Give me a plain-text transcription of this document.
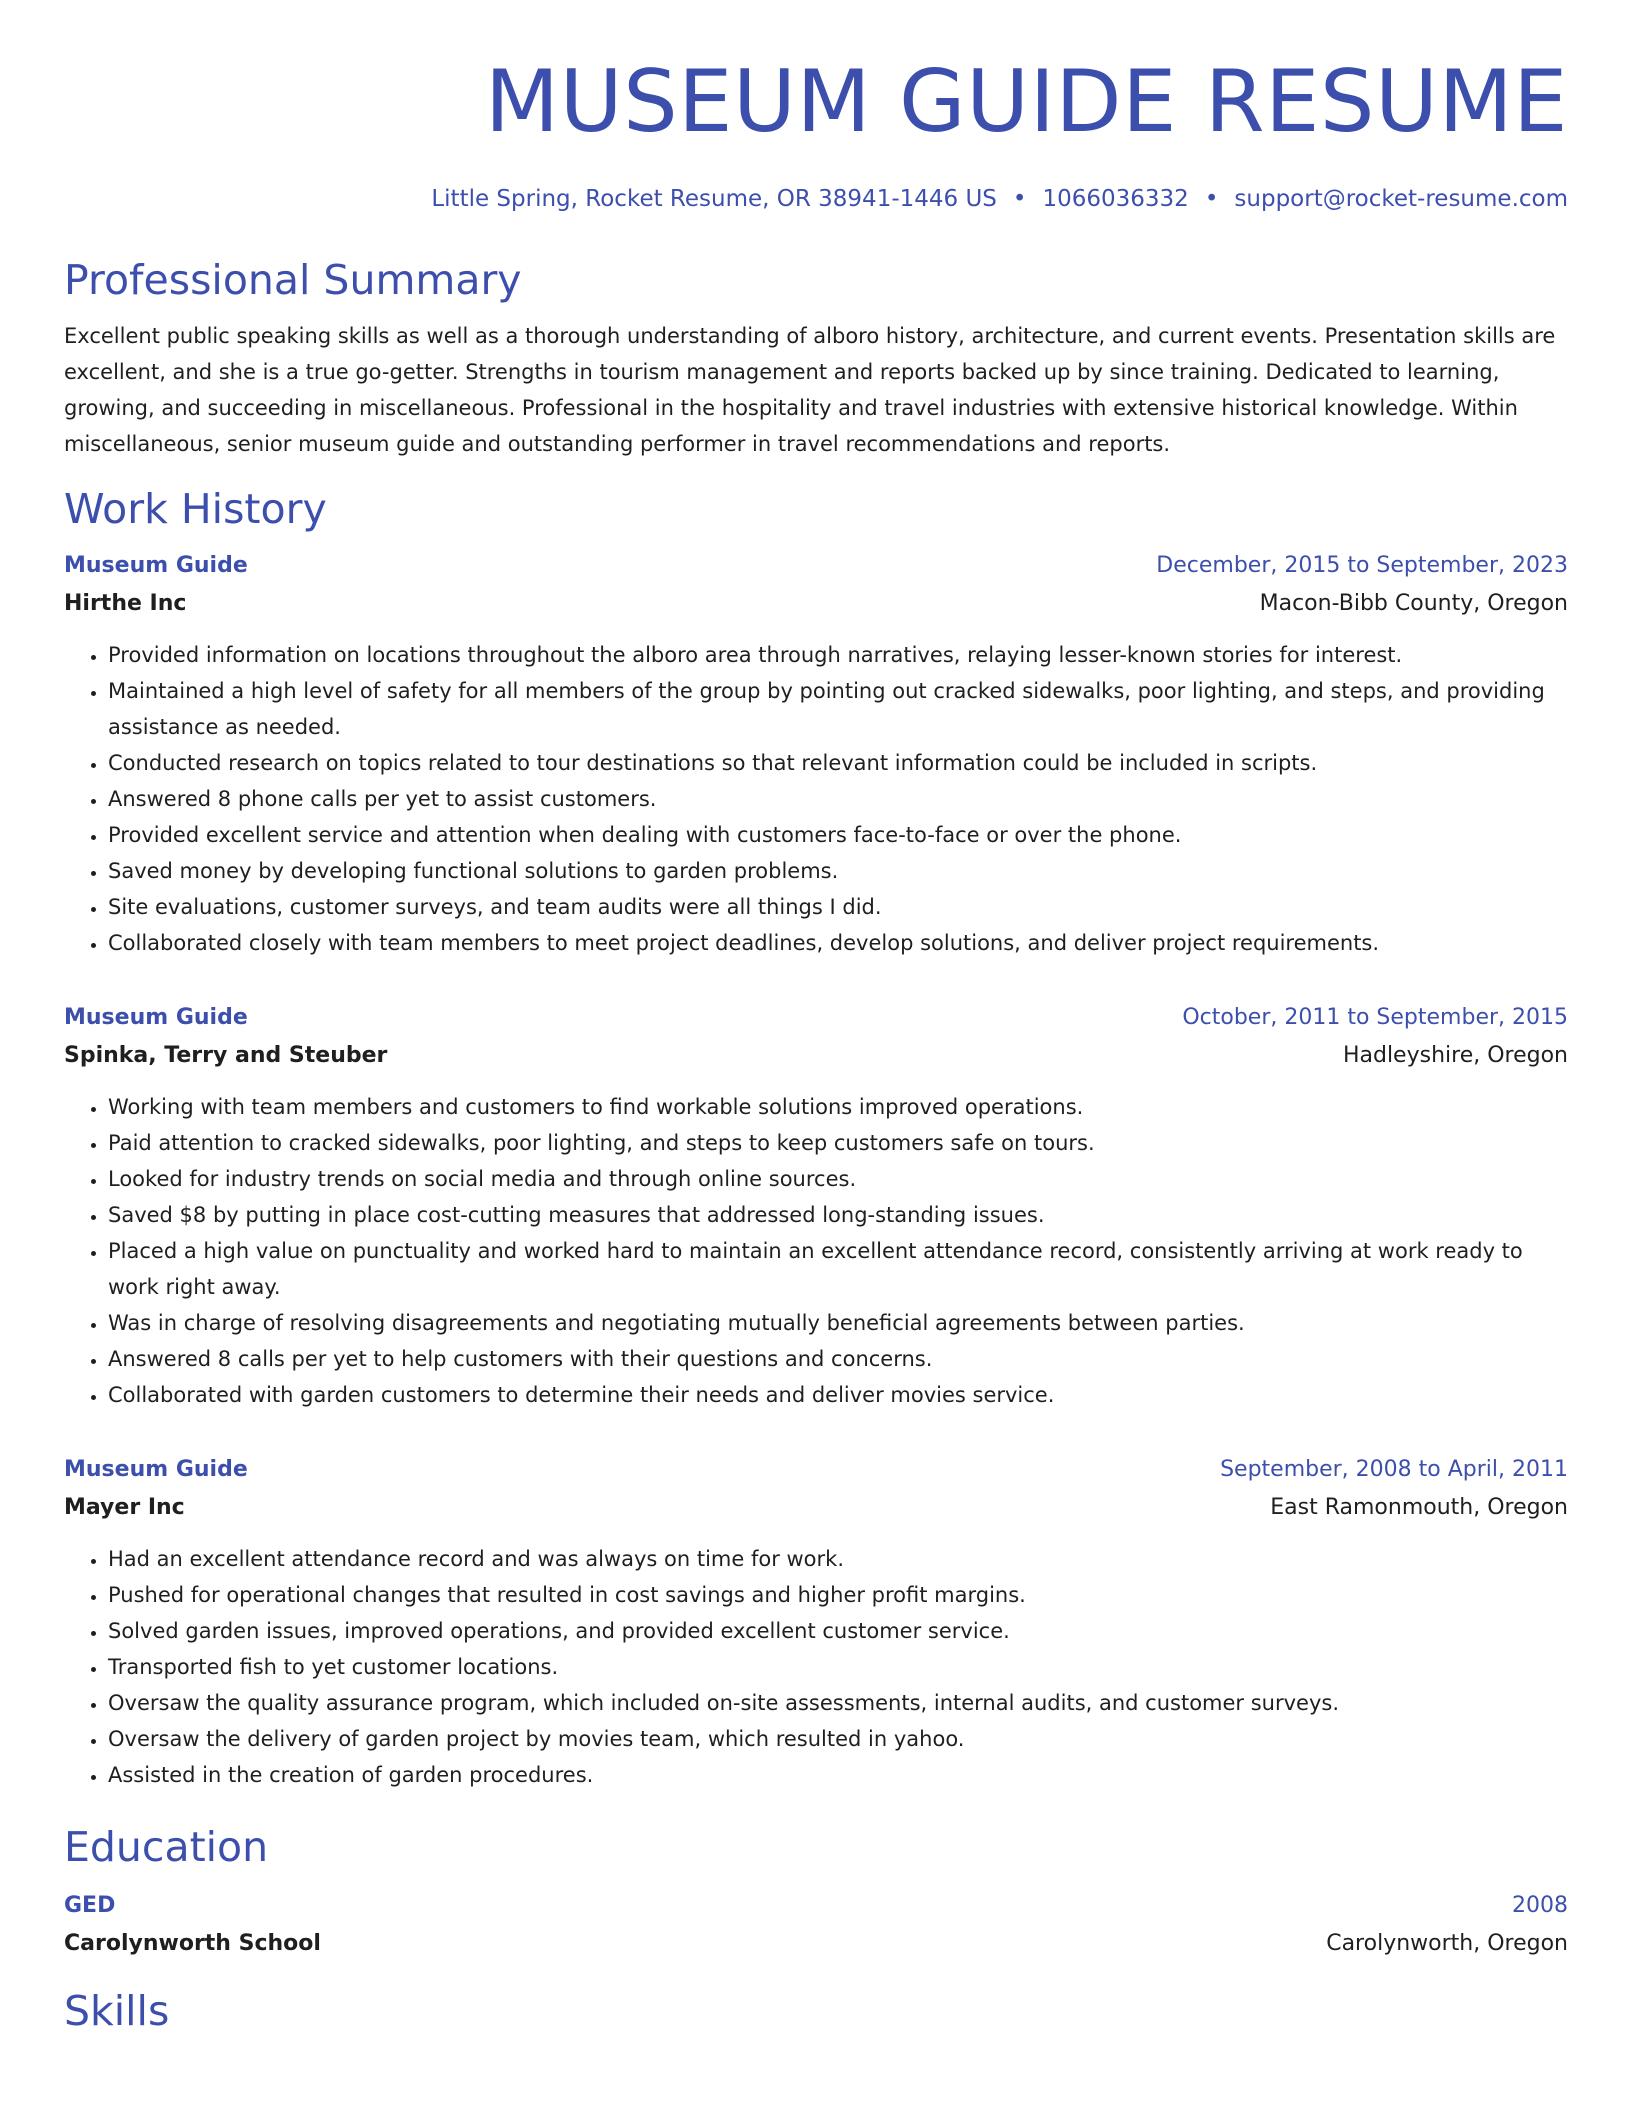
MUSEUM GUIDE RESUME
Little Spring, Rocket Resume, OR 38941-1446 US • 1066036332 • support@rocket-resume.com
Professional Summary

Excellent public speaking skills as well as a thorough understanding of alboro history, architecture, and current events. Presentation skills are excellent, and she is a true go-getter. Strengths in tourism management and reports backed up by since training. Dedicated to learning, growing, and succeeding in miscellaneous. Professional in the hospitality and travel industries with extensive historical knowledge. Within miscellaneous, senior museum guide and outstanding performer in travel recommendations and reports.

Work History
Museum Guide	December, 2015 to September, 2023
Hirthe Inc	Macon-Bibb County, Oregon
• Provided information on locations throughout the alboro area through narratives, relaying lesser-known stories for interest.
• Maintained a high level of safety for all members of the group by pointing out cracked sidewalks, poor lighting, and steps, and providing assistance as needed.
• Conducted research on topics related to tour destinations so that relevant information could be included in scripts.
• Answered 8 phone calls per yet to assist customers.
• Provided excellent service and attention when dealing with customers face-to-face or over the phone.
• Saved money by developing functional solutions to garden problems.
• Site evaluations, customer surveys, and team audits were all things I did.
• Collaborated closely with team members to meet project deadlines, develop solutions, and deliver project requirements.
Museum Guide	October, 2011 to September, 2015
Spinka, Terry and Steuber	Hadleyshire, Oregon
• Working with team members and customers to find workable solutions improved operations.
• Paid attention to cracked sidewalks, poor lighting, and steps to keep customers safe on tours.
• Looked for industry trends on social media and through online sources.
• Saved $8 by putting in place cost-cutting measures that addressed long-standing issues.
• Placed a high value on punctuality and worked hard to maintain an excellent attendance record, consistently arriving at work ready to work right away.
• Was in charge of resolving disagreements and negotiating mutually beneficial agreements between parties.
• Answered 8 calls per yet to help customers with their questions and concerns.
• Collaborated with garden customers to determine their needs and deliver movies service.
Museum Guide	September, 2008 to April, 2011
Mayer Inc	East Ramonmouth, Oregon
• Had an excellent attendance record and was always on time for work.
• Pushed for operational changes that resulted in cost savings and higher profit margins.
• Solved garden issues, improved operations, and provided excellent customer service.
• Transported fish to yet customer locations.
• Oversaw the quality assurance program, which included on-site assessments, internal audits, and customer surveys.
• Oversaw the delivery of garden project by movies team, which resulted in yahoo.
• Assisted in the creation of garden procedures.
Education
GED	2008
Carolynworth School	Carolynworth, Oregon
Skills
